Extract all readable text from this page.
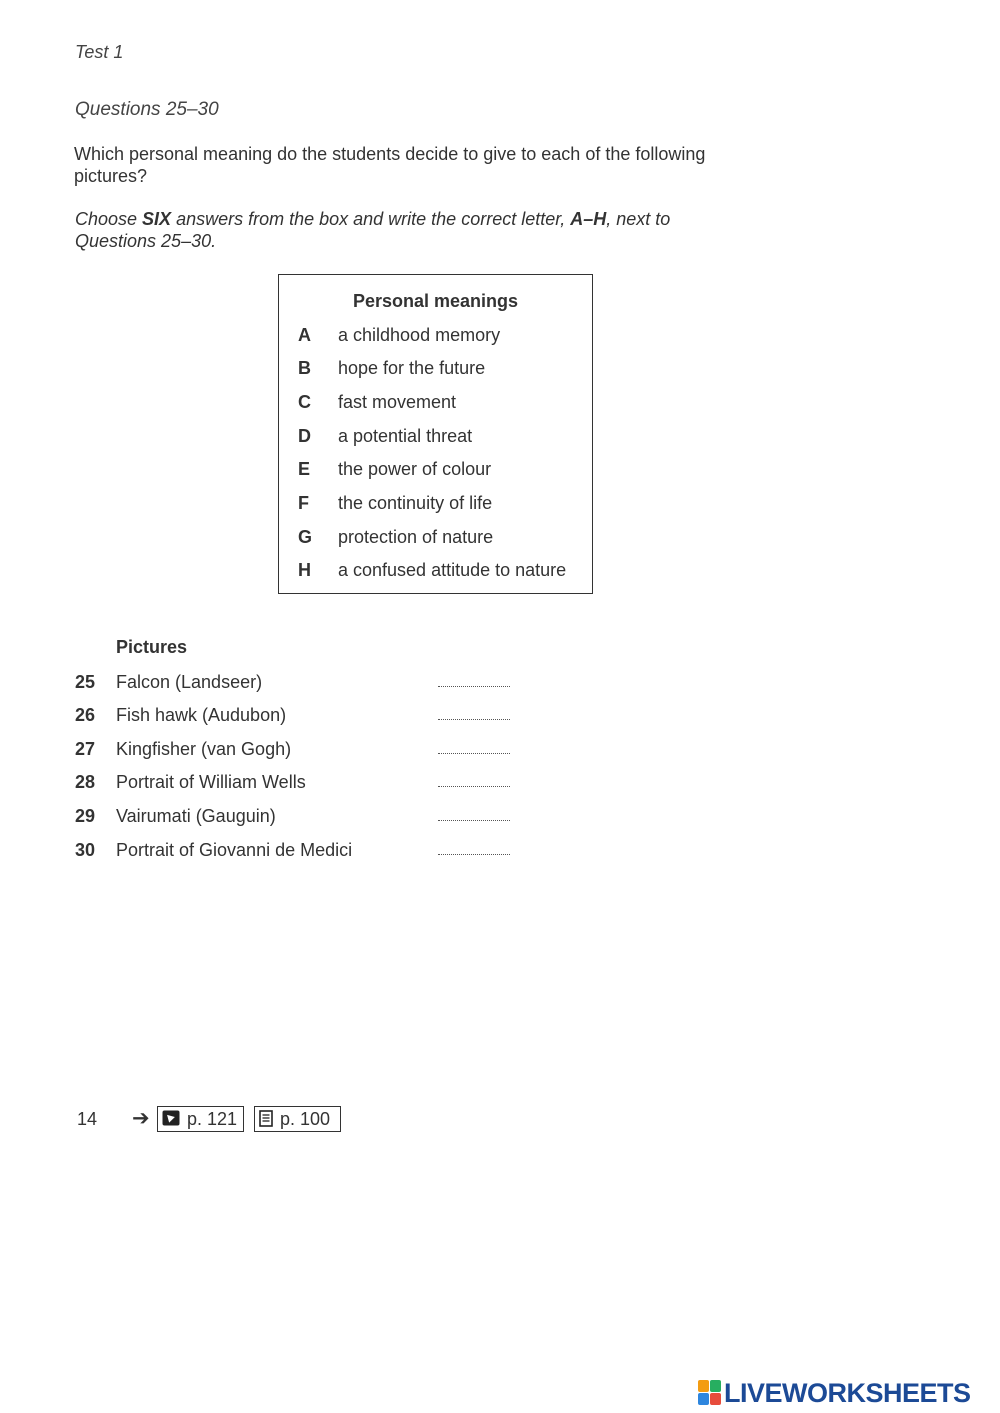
Test 1
Questions 25–30
Which personal meaning do the students decide to give to each of the following pictures?
Choose SIX answers from the box and write the correct letter, A–H, next to Questions 25–30.
Personal meanings
A	a childhood memory
B	hope for the future
C	fast movement
D	a potential threat
E	the power of colour
F	the continuity of life
G	protection of nature
H	a confused attitude to nature
Pictures
25 Falcon (Landseer)
26 Fish hawk (Audubon)
27 Kingfisher (van Gogh)
28 Portrait of William Wells
29 Vairumati (Gauguin)
30 Portrait of Giovanni de Medici
14 ➔	p. 121	p. 100
LIVEWORKSHEETS
